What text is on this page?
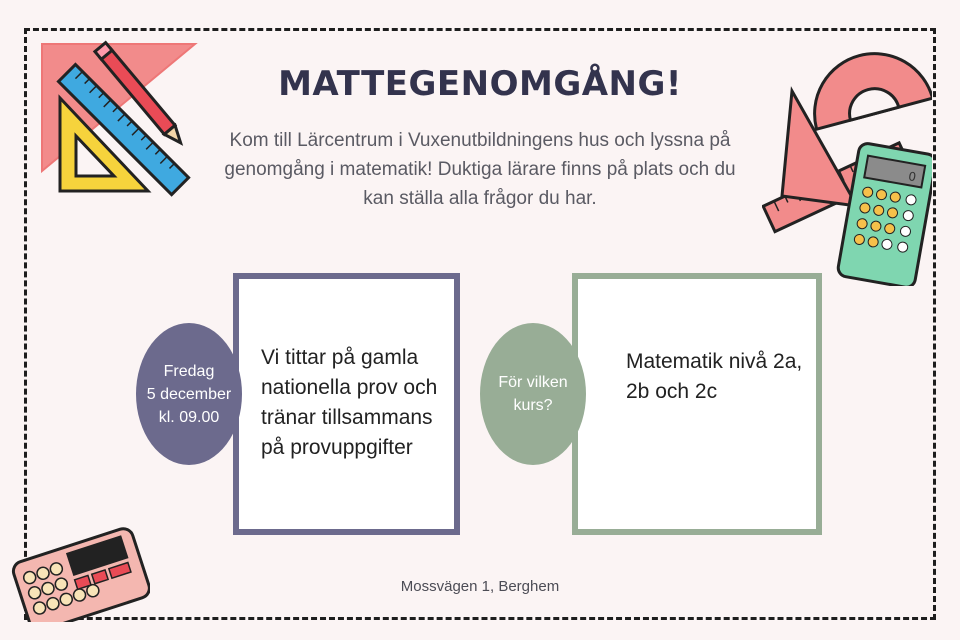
0
MATTEGENOMGÅNG!
Kom till Lärcentrum i Vuxenutbildningens hus och lyssna på genomgång i matematik! Duktiga lärare finns på plats och du kan ställa alla frågor du har.
Vi tittar på gamla nationella prov och tränar tillsammans på provuppgifter
Matematik nivå 2a, 2b och 2c
Fredag
5 december
kl. 09.00
För vilken
kurs?
Mossvägen 1, Berghem
